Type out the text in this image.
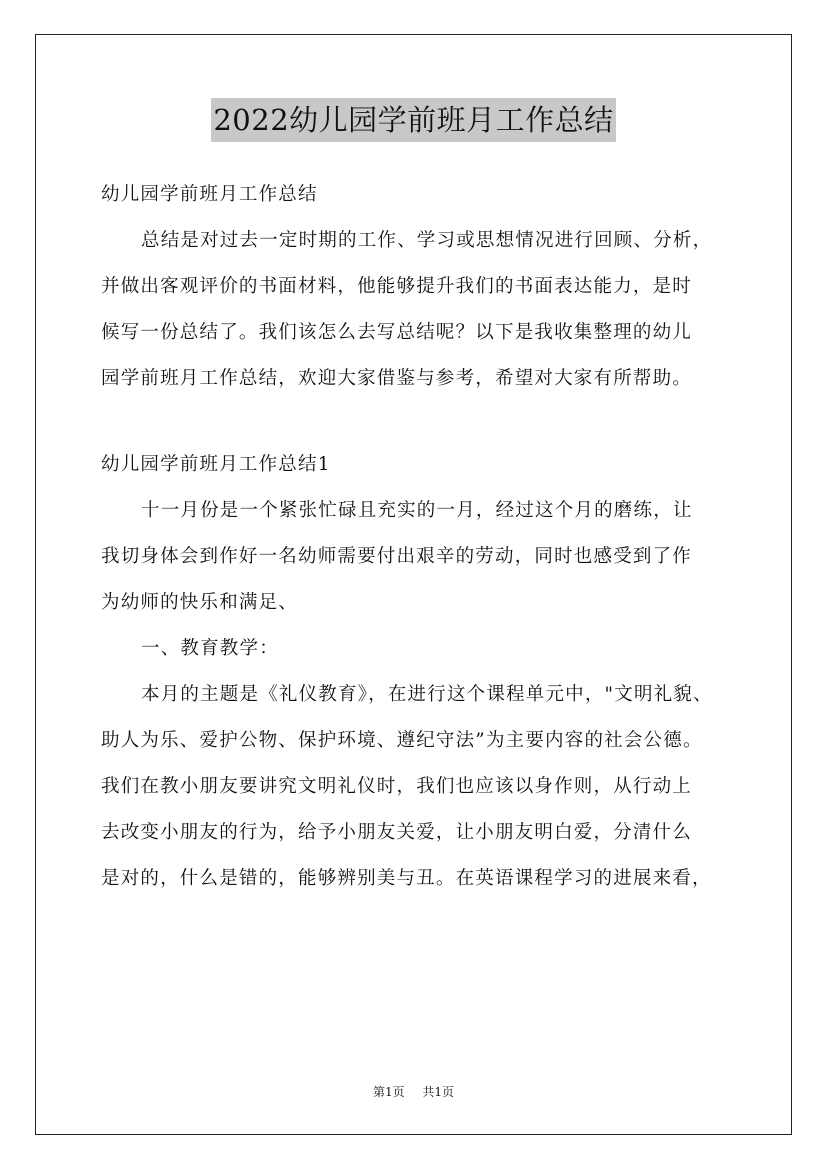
2022幼儿园学前班月工作总结
幼儿园学前班月工作总结
总结是对过去一定时期的工作、学习或思想情况进行回顾、分析，
并做出客观评价的书面材料，他能够提升我们的书面表达能力，是时
候写一份总结了。我们该怎么去写总结呢？以下是我收集整理的幼儿
园学前班月工作总结，欢迎大家借鉴与参考，希望对大家有所帮助。
幼儿园学前班月工作总结1
十一月份是一个紧张忙碌且充实的一月，经过这个月的磨练，让
我切身体会到作好一名幼师需要付出艰辛的劳动，同时也感受到了作
为幼师的快乐和满足、
一、教育教学：
本月的主题是《礼仪教育》，在进行这个课程单元中，"文明礼貌、
助人为乐、爱护公物、保护环境、遵纪守法”为主要内容的社会公德。
我们在教小朋友要讲究文明礼仪时，我们也应该以身作则，从行动上
去改变小朋友的行为，给予小朋友关爱，让小朋友明白爱，分清什么
是对的，什么是错的，能够辨别美与丑。在英语课程学习的进展来看，
第1页 共1页
